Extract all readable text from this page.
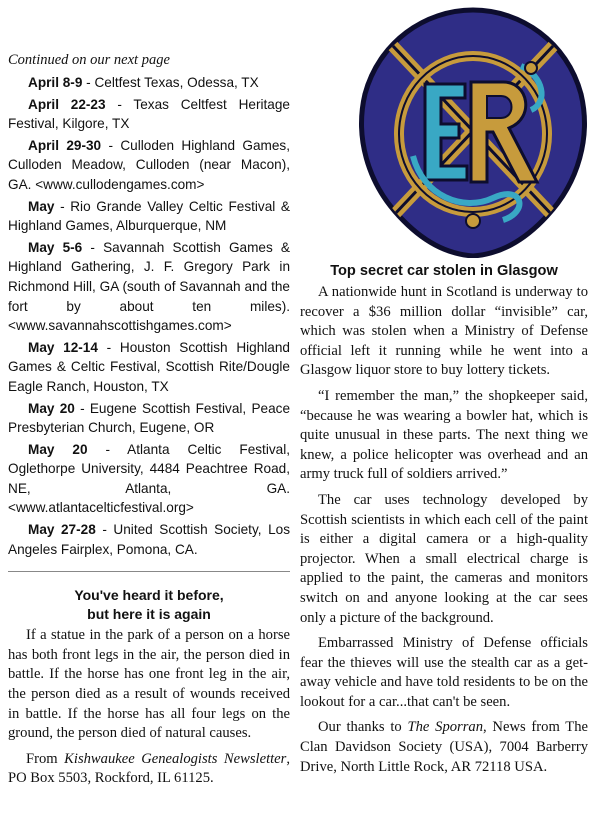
Continued on our next page

April 8-9 - Celtfest Texas, Odessa, TX

April 22-23 - Texas Celtfest Heritage Festival, Kilgore, TX

April 29-30 - Culloden Highland Games, Culloden Meadow, Culloden (near Macon), GA. <www.cullodengames.com>

May - Rio Grande Valley Celtic Festival & Highland Games, Alburquerque, NM

May 5-6 - Savannah Scottish Games & Highland Gathering, J. F. Gregory Park in Richmond Hill, GA (south of Savannah and the fort by about ten miles). <www.savannahscottishgames.com>

May 12-14 - Houston Scottish Highland Games & Celtic Festival, Scottish Rite/Dougle Eagle Ranch, Houston, TX

May 20 - Eugene Scottish Festival, Peace Presbyterian Church, Eugene, OR

May 20 - Atlanta Celtic Festival, Oglethorpe University, 4484 Peachtree Road, NE, Atlanta, GA. <www.atlantacelticfestival.org>

May 27-28 - United Scottish Society, Los Angeles Fairplex, Pomona, CA.

You've heard it before,
but here it is again

If a statue in the park of a person on a horse has both front legs in the air, the person died in battle. If the horse has one front leg in the air, the person died as a result of wounds received in battle. If the horse has all four legs on the ground, the person died of natural causes.

From Kishwaukee Genealogists Newsletter, PO Box 5503, Rockford, IL 61125.

Top secret car stolen in Glasgow

A nationwide hunt in Scotland is underway to recover a $36 million dollar “invisible” car, which was stolen when a Ministry of Defense official left it running while he went into a Glasgow liquor store to buy lottery tickets.

“I remember the man,” the shopkeeper said, “because he was wearing a bowler hat, which is quite unusual in these parts. The next thing we knew, a police helicopter was overhead and an army truck full of soldiers arrived.”

The car uses technology developed by Scottish scientists in which each cell of the paint is either a digital camera or a high-quality projector. When a small electrical charge is applied to the paint, the cameras and monitors switch on and anyone looking at the car sees only a picture of the background.

Embarrassed Ministry of Defense officials fear the thieves will use the stealth car as a get-away vehicle and have told residents to be on the lookout for a car...that can't be seen.

Our thanks to The Sporran, News from The Clan Davidson Society (USA), 7004 Barberry Drive, North Little Rock, AR 72118 USA.
